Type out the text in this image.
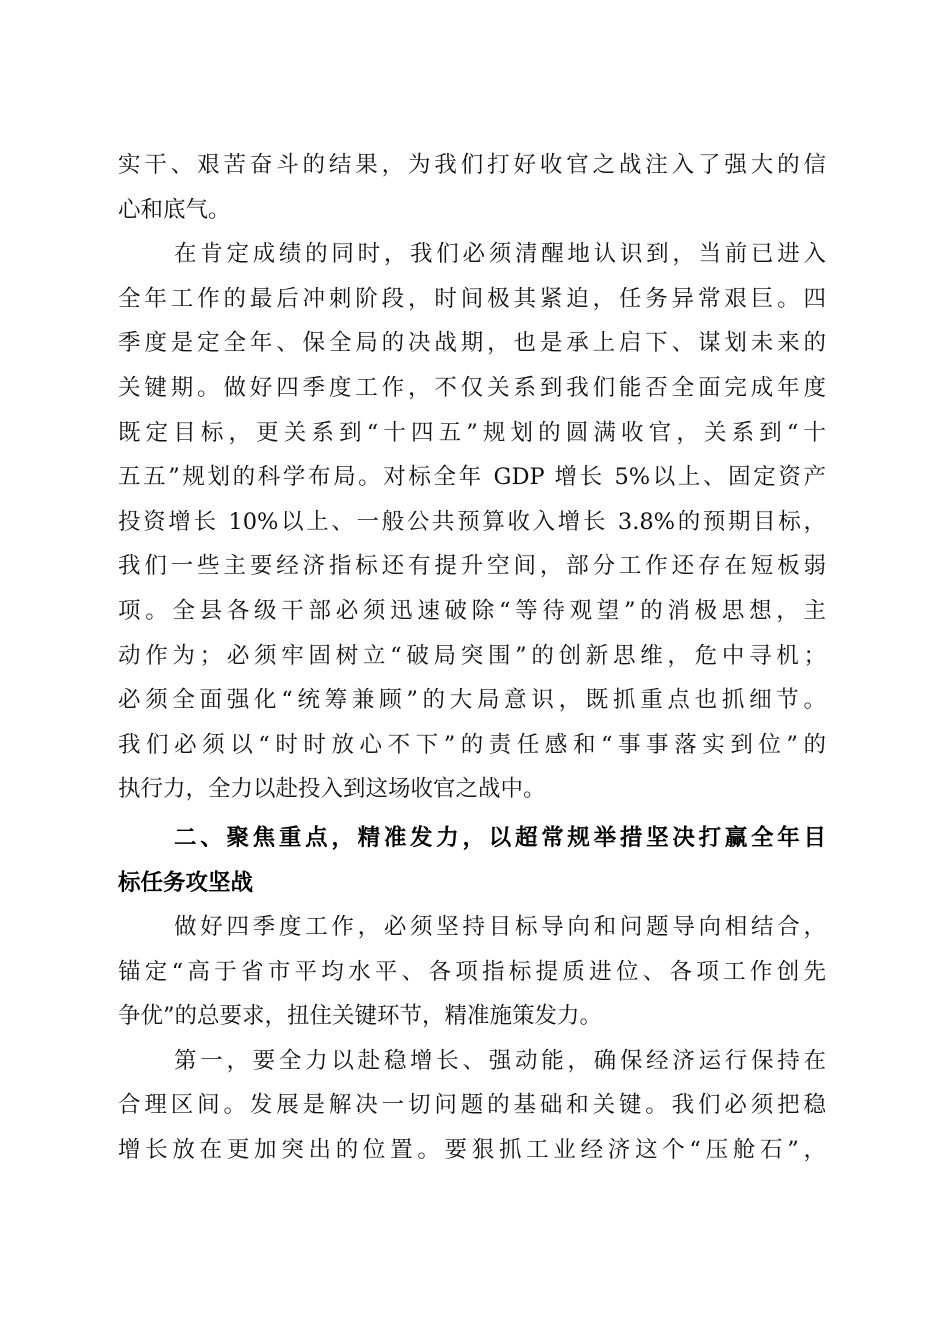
实干、艰苦奋斗的结果，为我们打好收官之战注入了强大的信
心和底气。
在肯定成绩的同时，我们必须清醒地认识到，当前已进入
全年工作的最后冲刺阶段，时间极其紧迫，任务异常艰巨。四
季度是定全年、保全局的决战期，也是承上启下、谋划未来的
关键期。做好四季度工作，不仅关系到我们能否全面完成年度
既定目标，更关系到“十四五”规划的圆满收官，关系到“十
五五”规划的科学布局。对标全年 GDP 增长 5%以上、固定资产
投资增长 10%以上、一般公共预算收入增长 3.8%的预期目标，
我们一些主要经济指标还有提升空间，部分工作还存在短板弱
项。全县各级干部必须迅速破除“等待观望”的消极思想，主
动作为；必须牢固树立“破局突围”的创新思维，危中寻机；
必须全面强化“统筹兼顾”的大局意识，既抓重点也抓细节。
我们必须以“时时放心不下”的责任感和“事事落实到位”的
执行力，全力以赴投入到这场收官之战中。
二、聚焦重点，精准发力，以超常规举措坚决打赢全年目
标任务攻坚战
做好四季度工作，必须坚持目标导向和问题导向相结合，
锚定“高于省市平均水平、各项指标提质进位、各项工作创先
争优”的总要求，扭住关键环节，精准施策发力。
第一，要全力以赴稳增长、强动能，确保经济运行保持在
合理区间。发展是解决一切问题的基础和关键。我们必须把稳
增长放在更加突出的位置。要狠抓工业经济这个“压舱石”，
